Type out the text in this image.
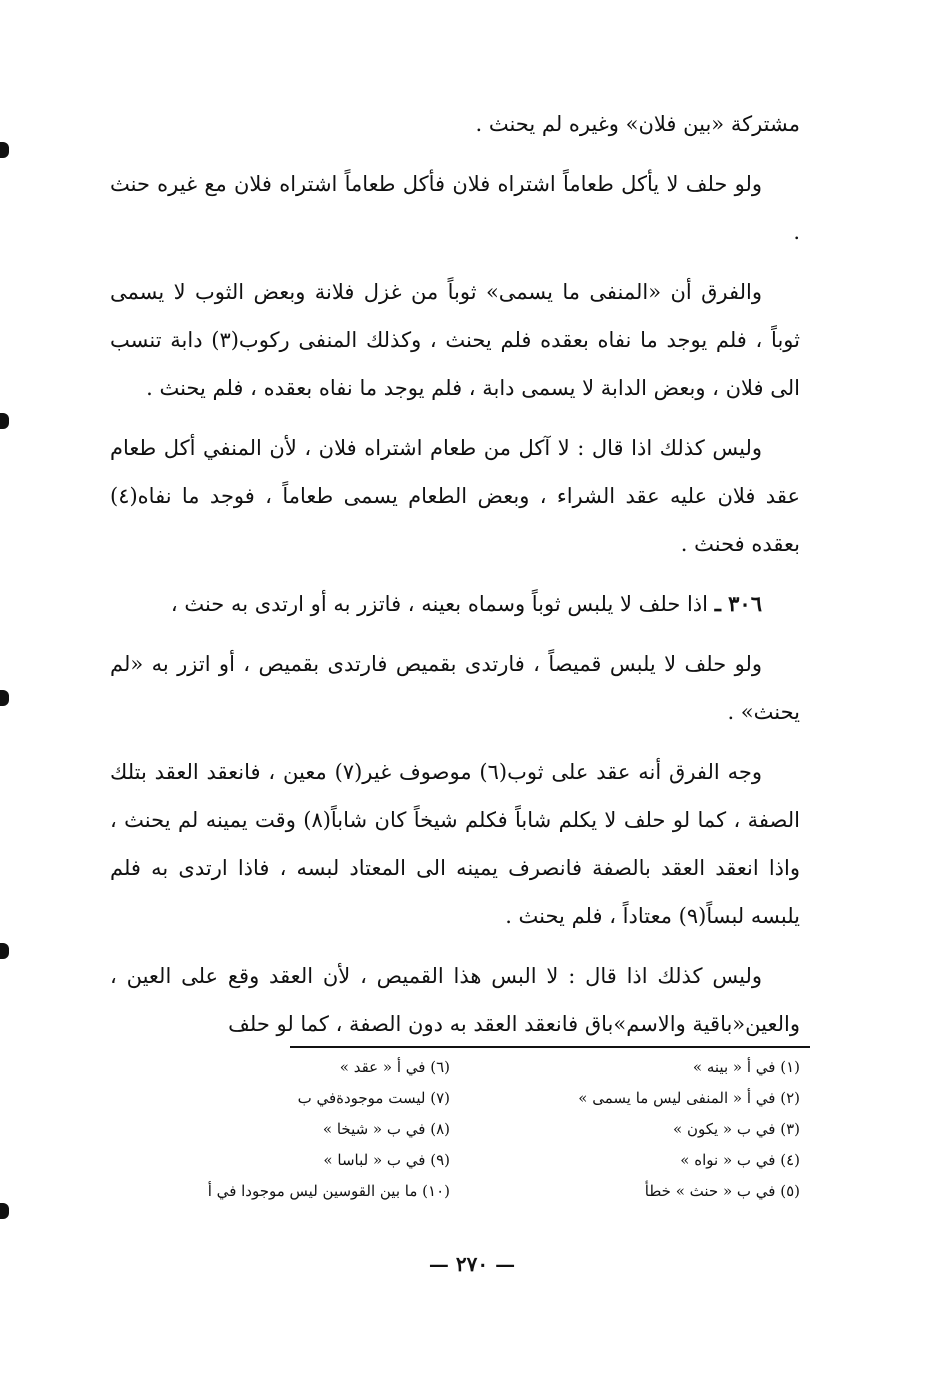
مشتركة «بين فلان» وغيره لم يحنث .

ولو حلف لا يأكل طعاماً اشتراه فلان فأكل طعاماً اشتراه فلان مع غيره حنث .

والفرق أن «المنفى ما يسمى» ثوباً من غزل فلانة وبعض الثوب لا يسمى ثوباً ، فلم يوجد ما نفاه بعقده فلم يحنث ، وكذلك المنفى ركوب(٣) دابة تنسب الى فلان ، وبعض الدابة لا يسمى دابة ، فلم يوجد ما نفاه بعقده ، فلم يحنث .

وليس كذلك اذا قال : لا آكل من طعام اشتراه فلان ، لأن المنفي أكل طعام عقد فلان عليه عقد الشراء ، وبعض الطعام يسمى طعاماً ، فوجد ما نفاه(٤) بعقده فحنث .

٣٠٦ ـ اذا حلف لا يلبس ثوباً وسماه بعينه ، فاتزر به أو ارتدى به حنث ،

ولو حلف لا يلبس قميصاً ، فارتدى بقميص فارتدى بقميص ، أو اتزر به «لم يحنث» .

وجه الفرق أنه عقد على ثوب(٦) موصوف غير(٧) معين ، فانعقد العقد بتلك الصفة ، كما لو حلف لا يكلم شاباً فكلم شيخاً كان شاباً(٨) وقت يمينه لم يحنث ، واذا انعقد العقد بالصفة فانصرف يمينه الى المعتاد لبسه ، فاذا ارتدى به فلم يلبسه لبساً(٩) معتاداً ، فلم يحنث .

وليس كذلك اذا قال : لا البس هذا القميص ، لأن العقد وقع على العين ، والعين«باقية والاسم»باق فانعقد العقد به دون الصفة ، كما لو حلف

(١) في أ « بينه »
(٢) في أ « المنفى ليس ما يسمى »
(٣) في ب « يكون »
(٤) في ب « نواه »
(٥) في ب « حنث » خطأ
(٦) في أ « عقد »
(٧) ليست موجودةفي ب
(٨) في ب « شيخا »
(٩) في ب « لباسا »
(١٠) ما بين القوسين ليس موجودا في أ
— ٢٧٠ —
